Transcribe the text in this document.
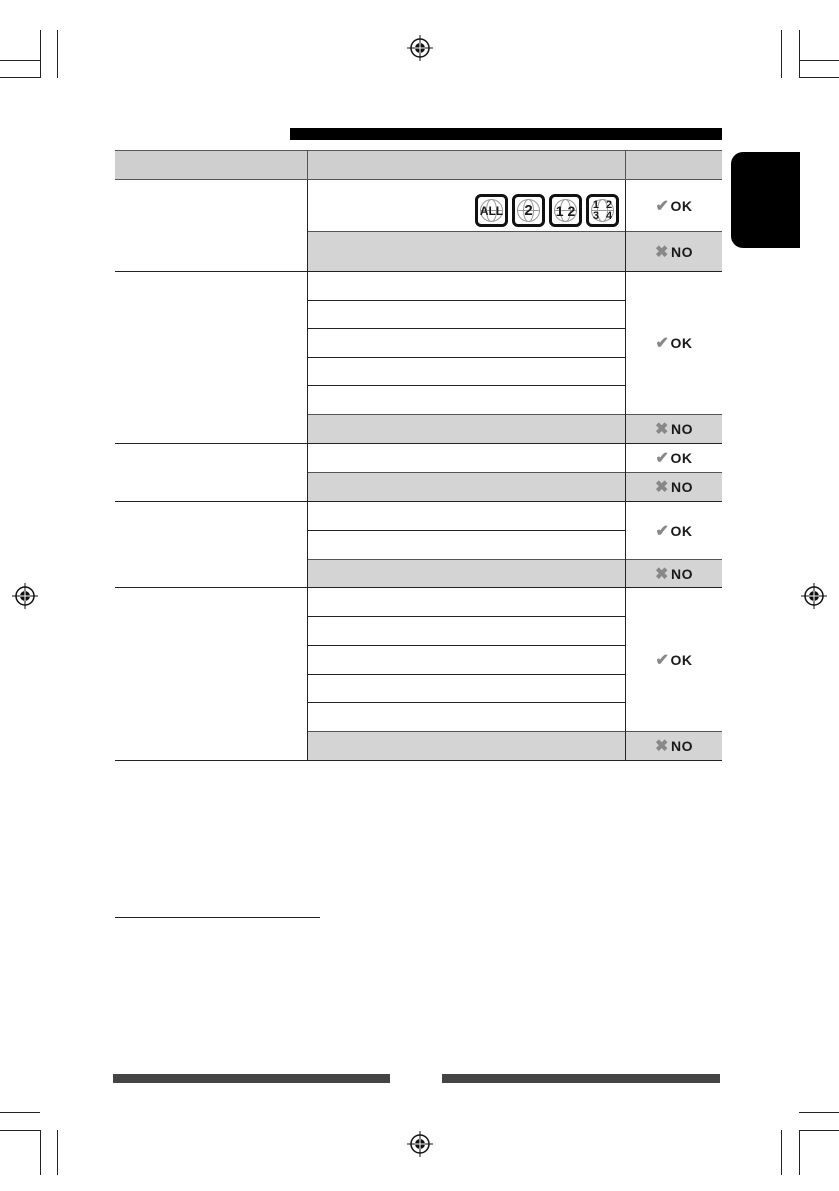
ALL 2 1 2 1 2 3 4
✔ OK
✖ NO
✔ OK
✖ NO
✔ OK
✖ NO
✔ OK
✖ NO
✔ OK
✖ NO
